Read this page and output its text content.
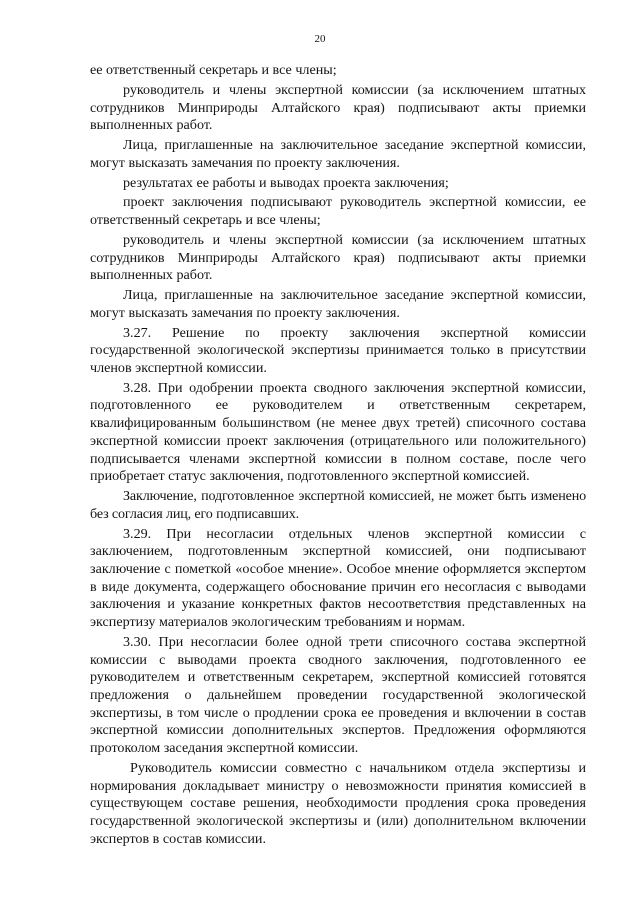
20

ее ответственный секретарь и все члены;

руководитель и члены экспертной комиссии (за исключением штатных сотрудников Минприроды Алтайского края) подписывают акты приемки выполненных работ.

Лица, приглашенные на заключительное заседание экспертной комиссии, могут высказать замечания по проекту заключения.

результатах ее работы и выводах проекта заключения;

проект заключения подписывают руководитель экспертной комиссии, ее ответственный секретарь и все члены;

руководитель и члены экспертной комиссии (за исключением штатных сотрудников Минприроды Алтайского края) подписывают акты приемки выполненных работ.

Лица, приглашенные на заключительное заседание экспертной комиссии, могут высказать замечания по проекту заключения.

3.27. Решение по проекту заключения экспертной комиссии государственной экологической экспертизы принимается только в присутствии членов экспертной комиссии.

3.28. При одобрении проекта сводного заключения экспертной комиссии, подготовленного ее руководителем и ответственным секретарем, квалифицированным большинством (не менее двух третей) списочного состава экспертной комиссии проект заключения (отрицательного или положительного) подписывается членами экспертной комиссии в полном составе, после чего приобретает статус заключения, подготовленного экспертной комиссией.

Заключение, подготовленное экспертной комиссией, не может быть изменено без согласия лиц, его подписавших.

3.29. При несогласии отдельных членов экспертной комиссии с заключением, подготовленным экспертной комиссией, они подписывают заключение с пометкой «особое мнение». Особое мнение оформляется экспертом в виде документа, содержащего обоснование причин его несогласия с выводами заключения и указание конкретных фактов несоответствия представленных на экспертизу материалов экологическим требованиям и нормам.

3.30. При несогласии более одной трети списочного состава экспертной комиссии с выводами проекта сводного заключения, подготовленного ее руководителем и ответственным секретарем, экспертной комиссией готовятся предложения о дальнейшем проведении государственной экологической экспертизы, в том числе о продлении срока ее проведения и включении в состав экспертной комиссии дополнительных экспертов. Предложения оформляются протоколом заседания экспертной комиссии.

Руководитель комиссии совместно с начальником отдела экспертизы и нормирования докладывает министру о невозможности принятия комиссией в существующем составе решения, необходимости продления срока проведения государственной экологической экспертизы и (или) дополнительном включении экспертов в состав комиссии.
